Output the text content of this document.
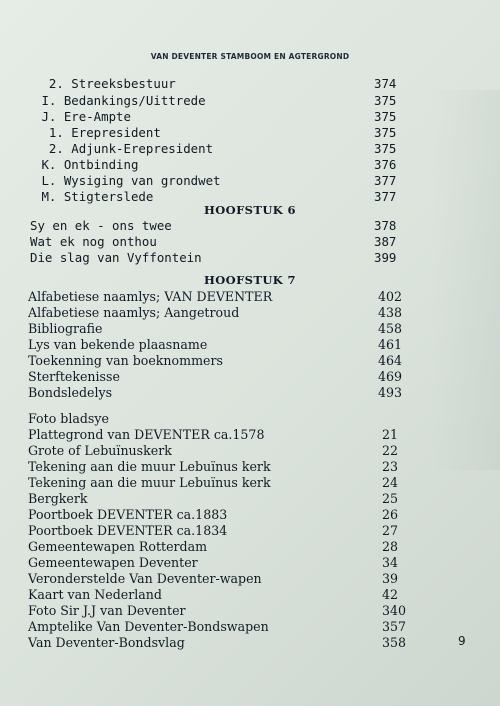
VAN DEVENTER STAMBOOM EN AGTERGROND
2. Streeksbestuur	374
I. Bedankings/Uittrede	375
J. Ere-Ampte	375
1. Erepresident	375
2. Adjunk-Erepresident	375
K. Ontbinding	376
L. Wysiging van grondwet	377
M. Stigterslede	377
HOOFSTUK 6
Sy en ek - ons twee	378
Wat ek nog onthou	387
Die slag van Vyffontein	399
HOOFSTUK 7
Alfabetiese naamlys; VAN DEVENTER	402
Alfabetiese naamlys; Aangetroud	438
Bibliografie	458
Lys van bekende plaasname	461
Toekenning van boeknommers	464
Sterftekenisse	469
Bondsledelys	493
Foto bladsye
Plattegrond van DEVENTER ca.1578	21
Grote of Lebuïnuskerk	22
Tekening aan die muur Lebuïnus kerk	23
Tekening aan die muur Lebuïnus kerk	24
Bergkerk	25
Poortboek DEVENTER ca.1883	26
Poortboek DEVENTER ca.1834	27
Gemeentewapen Rotterdam	28
Gemeentewapen Deventer	34
Veronderstelde Van Deventer-wapen	39
Kaart van Nederland	42
Foto Sir J.J van Deventer	340
Amptelike Van Deventer-Bondswapen	357
Van Deventer-Bondsvlag	358	9
